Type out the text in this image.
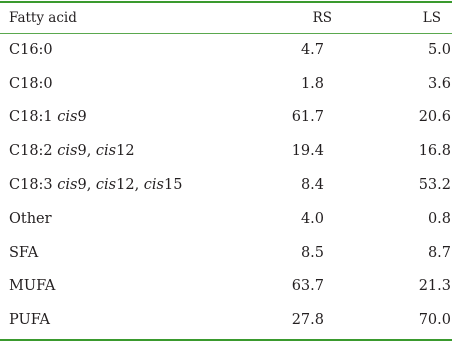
Fatty acid	RS	LS
C16:0	4.7	5.0
C18:0	1.8	3.6
C18:1 cis9	61.7	20.6
C18:2 cis9, cis12	19.4	16.8
C18:3 cis9, cis12, cis15	8.4	53.2
Other	4.0	0.8
SFA	8.5	8.7
MUFA	63.7	21.3
PUFA	27.8	70.0
